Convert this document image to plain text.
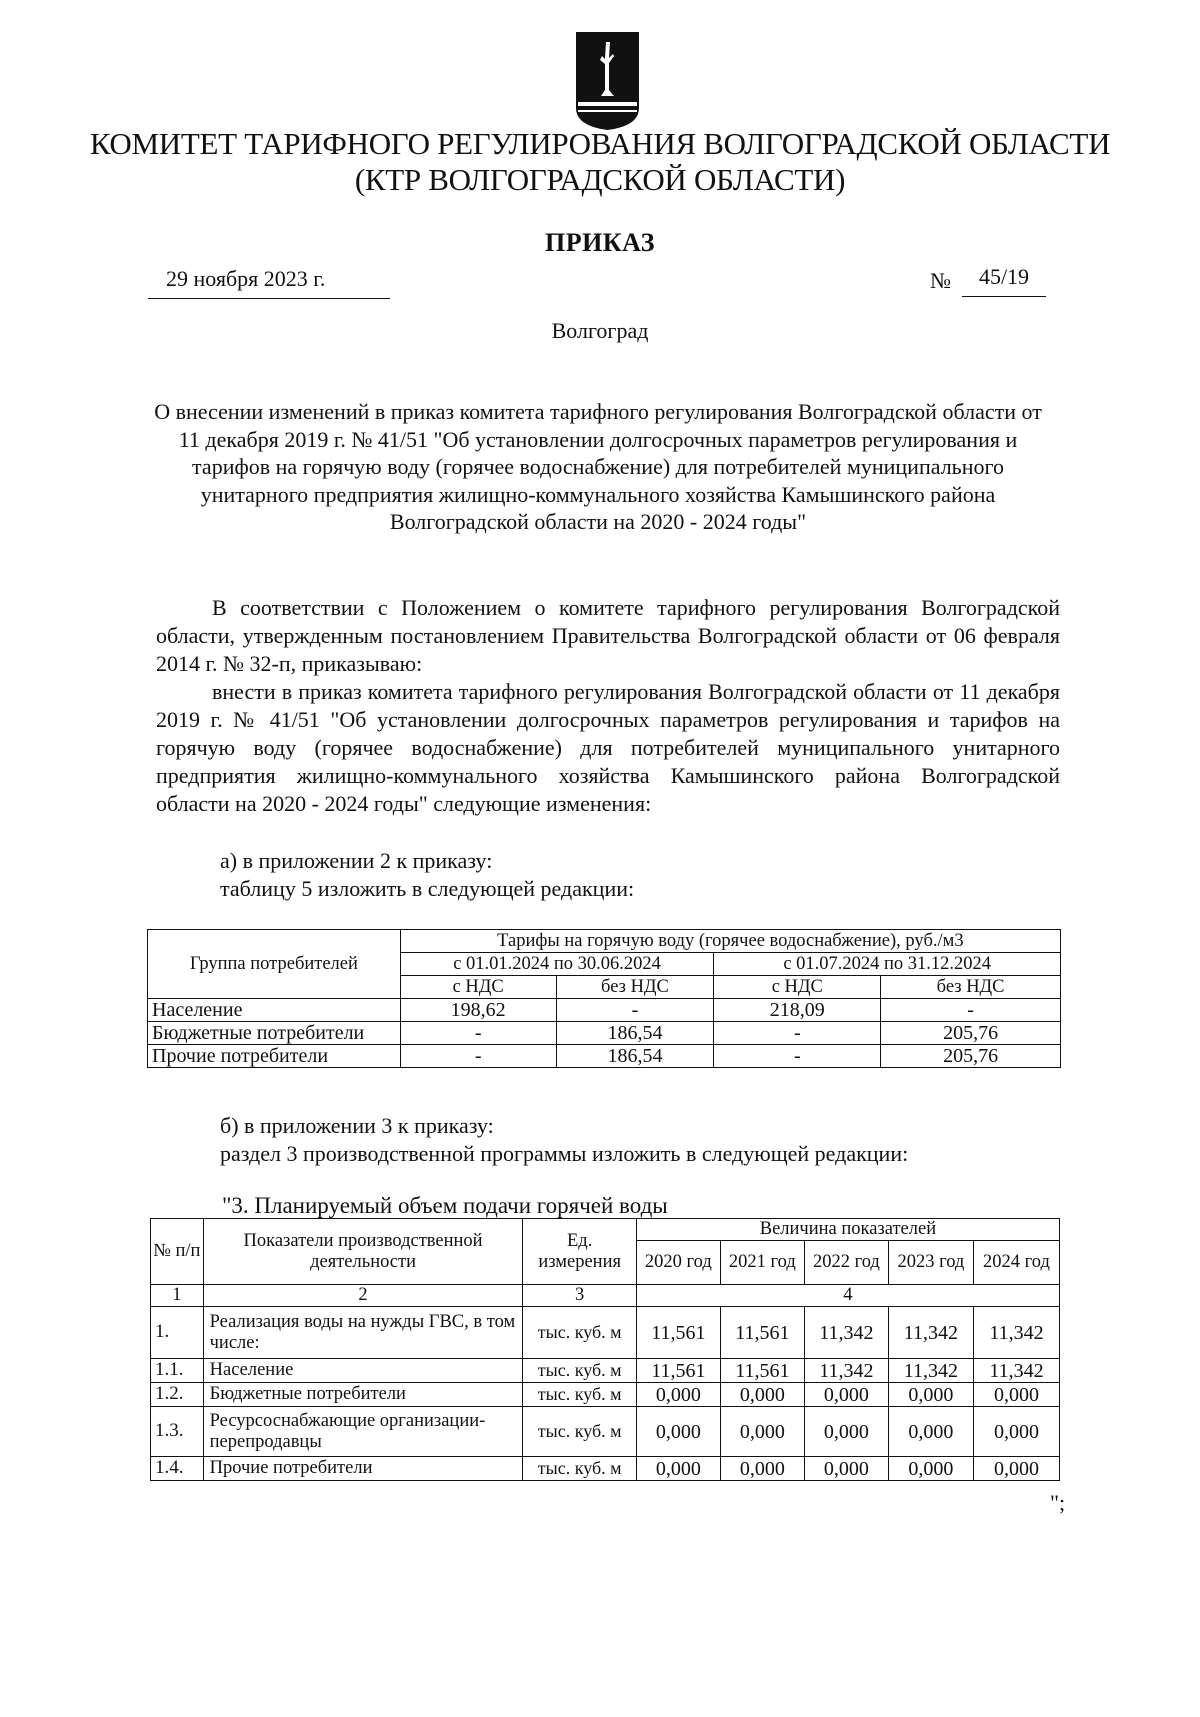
КОМИТЕТ ТАРИФНОГО РЕГУЛИРОВАНИЯ ВОЛГОГРАДСКОЙ ОБЛАСТИ
(КТР ВОЛГОГРАДСКОЙ ОБЛАСТИ)
ПРИКАЗ
29 ноября 2023 г.	№	45/19
Волгоград
О внесении изменений в приказ комитета тарифного регулирования Волгоградской области от 11 декабря 2019 г. № 41/51 "Об установлении долгосрочных параметров регулирования и тарифов на горячую воду (горячее водоснабжение) для потребителей муниципального унитарного предприятия жилищно-коммунального хозяйства Камышинского района Волгоградской области на 2020 - 2024 годы"
В соответствии с Положением о комитете тарифного регулирования Волгоградской области, утвержденным постановлением Правительства Волгоградской области от 06 февраля 2014 г. № 32-п, приказываю:
внести в приказ комитета тарифного регулирования Волгоградской области от 11 декабря 2019 г. № 41/51 "Об установлении долгосрочных параметров регулирования и тарифов на горячую воду (горячее водоснабжение) для потребителей муниципального унитарного предприятия жилищно-коммунального хозяйства Камышинского района Волгоградской области на 2020 - 2024 годы" следующие изменения:
а) в приложении 2 к приказу:
таблицу 5 изложить в следующей редакции:
Группа потребителей	Тарифы на горячую воду (горячее водоснабжение), руб./м3			
	с 01.01.2024 по 30.06.2024		с 01.07.2024 по 31.12.2024	
	с НДС	без НДС	с НДС	без НДС
Население	198,62	-	218,09	-
Бюджетные потребители	-	186,54	-	205,76
Прочие потребители	-	186,54	-	205,76
б) в приложении 3 к приказу:
раздел 3 производственной программы изложить в следующей редакции:
"3. Планируемый объем подачи горячей воды
№ п/п	Показатели производственной деятельности	Ед. измерения	Величина показателей				
			2020 год	2021 год	2022 год	2023 год	2024 год
1	2	3	4				
1.	Реализация воды на нужды ГВС, в том числе:	тыс. куб. м	11,561	11,561	11,342	11,342	11,342
1.1.	Население	тыс. куб. м	11,561	11,561	11,342	11,342	11,342
1.2.	Бюджетные потребители	тыс. куб. м	0,000	0,000	0,000	0,000	0,000
1.3.	Ресурсоснабжающие организации-перепродавцы	тыс. куб. м	0,000	0,000	0,000	0,000	0,000
1.4.	Прочие потребители	тыс. куб. м	0,000	0,000	0,000	0,000	0,000
";
